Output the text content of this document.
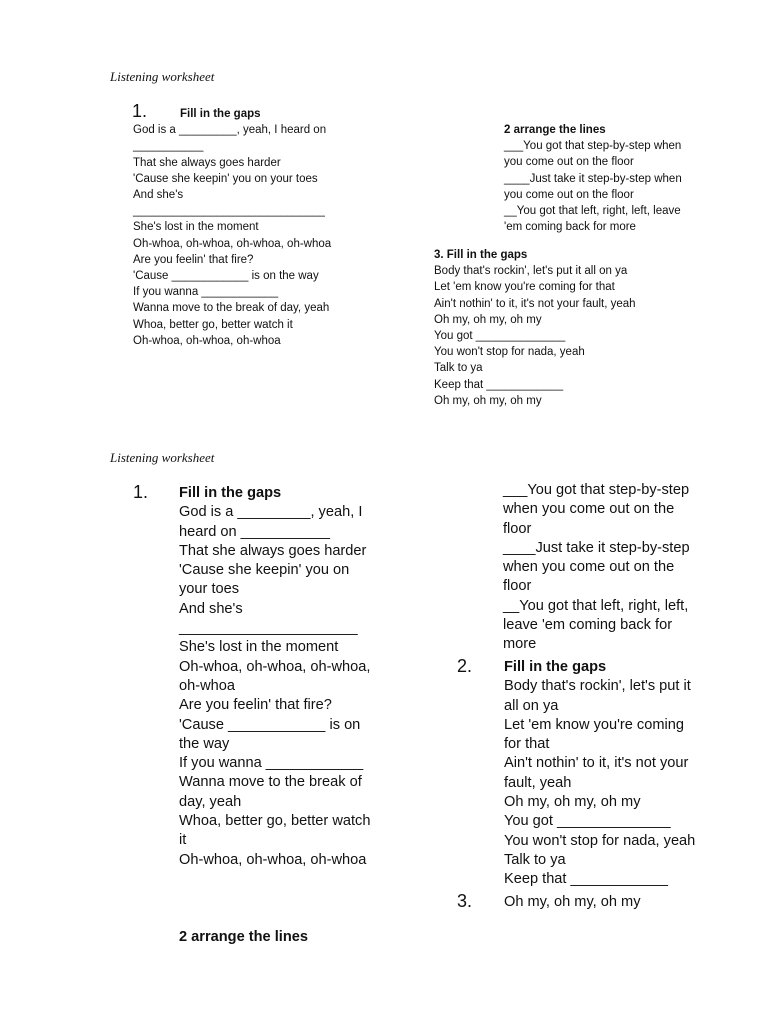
Listening worksheet
1.	Fill in the gaps
God is a _________, yeah, I heard on
___________
That she always goes harder
'Cause she keepin' you on your toes
And she's
______________________________
She's lost in the moment
Oh-whoa, oh-whoa, oh-whoa, oh-whoa
Are you feelin' that fire?
'Cause ____________ is on the way
If you wanna ____________
Wanna move to the break of day, yeah
Whoa, better go, better watch it
Oh-whoa, oh-whoa, oh-whoa
2 arrange the lines
___You got that step-by-step when
you come out on the floor
____Just take it step-by-step when
you come out on the floor
__You got that left, right, left, leave
'em coming back for more
3. Fill in the gaps
Body that's rockin', let's put it all on ya
Let 'em know you're coming for that
Ain't nothin' to it, it's not your fault, yeah
Oh my, oh my, oh my
You got ______________
You won't stop for nada, yeah
Talk to ya
Keep that ____________
Oh my, oh my, oh my
Listening worksheet
1. Fill in the gaps
God is a _________, yeah, I
heard on ___________
That she always goes harder
'Cause she keepin' you on
your toes
And she's
______________________
She's lost in the moment
Oh-whoa, oh-whoa, oh-whoa,
oh-whoa
Are you feelin' that fire?
'Cause ____________ is on
the way
If you wanna ____________
Wanna move to the break of
day, yeah
Whoa, better go, better watch
it
Oh-whoa, oh-whoa, oh-whoa
2 arrange the lines
___You got that step-by-step
when you come out on the
floor
____Just take it step-by-step
when you come out on the
floor
__You got that left, right, left,
leave 'em coming back for
more
2. Fill in the gaps
Body that's rockin', let's put it
all on ya
Let 'em know you're coming
for that
Ain't nothin' to it, it's not your
fault, yeah
Oh my, oh my, oh my
You got ______________
You won't stop for nada, yeah
Talk to ya
Keep that ____________
3. Oh my, oh my, oh my
